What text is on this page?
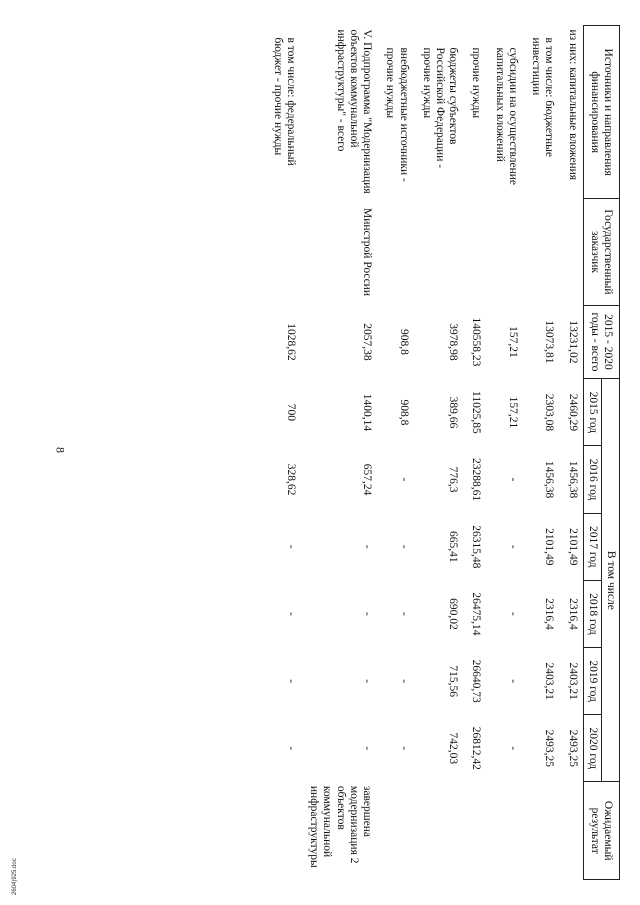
8
Источники и направления финансирования	Государственный заказчик	2015 - 2020 годы - всего	В том числе						Ожидаемый результат
			2015 год	2016 год	2017 год	2018 год	2019 год	2020 год	
из них: капитальные вложения		13231,02	2460,29	1456,38	2101,49	2316,4	2403,21	2493,25	
в том числе: бюджетные инвестиции		13073,81	2303,08	1456,38	2101,49	2316,4	2403,21	2493,25	
субсидии на осуществление капитальных вложений		157,21	157,21	-	-	-	-	-	
прочие нужды		140558,23	11025,85	23288,61	26315,48	26475,14	26640,73	26812,42	
бюджеты субъектов Российской Федерации - прочие нужды		3978,98	389,66	776,3	665,41	690,02	715,56	742,03	
внебюджетные источники - прочие нужды		908,8	908,8	-	-	-	-	-	
V. Подпрограмма "Модернизация объектов коммунальной инфраструктуры" - всего	Минстрой России	2057,38	1400,14	657,24	-	-	-	-	завершена модернизация 2 объектов коммунальной инфраструктуры
в том числе: федеральный бюджет - прочие нужды		1028,62	700	328,62	-	-	-	-	
2604)925.doc
